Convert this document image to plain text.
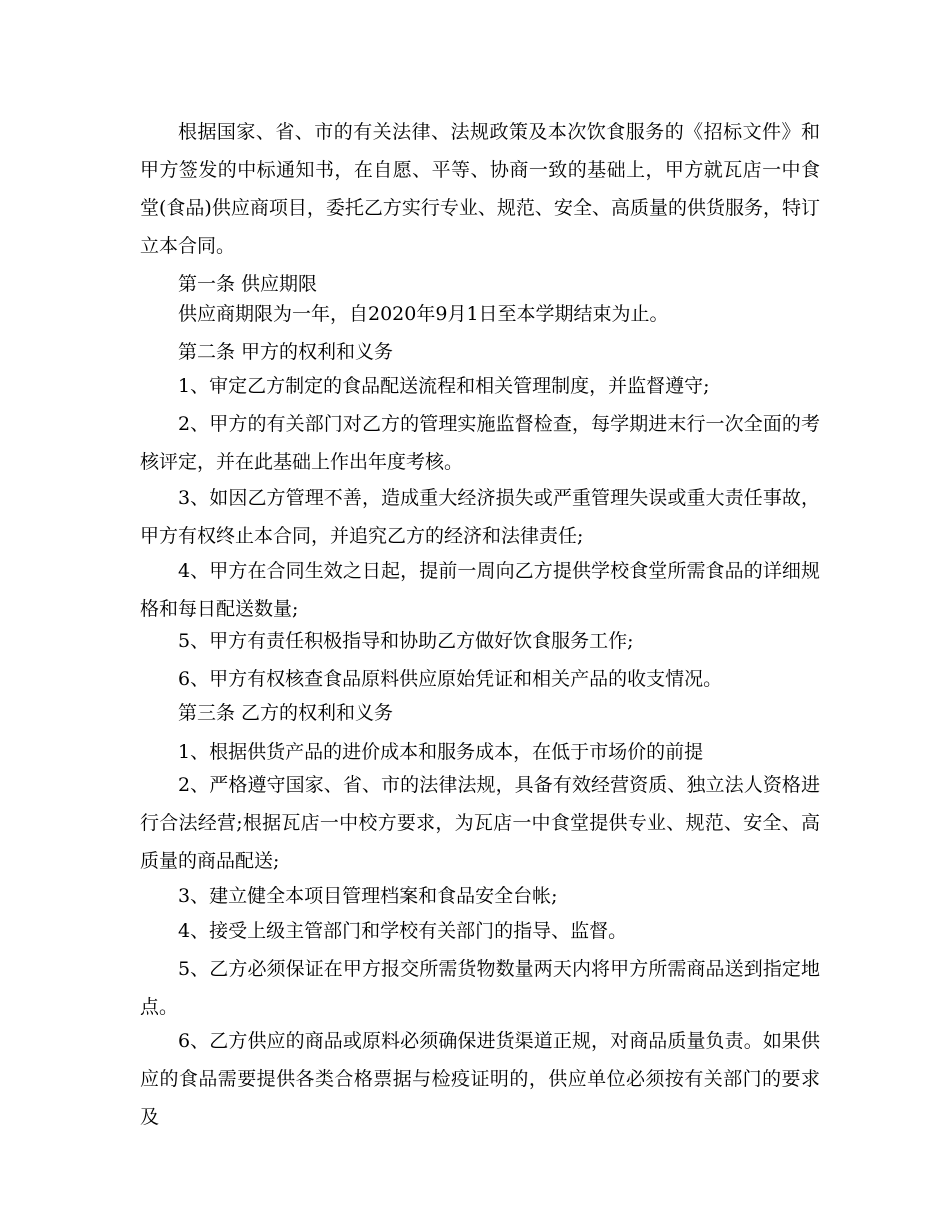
根据国家、省、市的有关法律、法规政策及本次饮食服务的《招标文件》和甲方签发的中标通知书，在自愿、平等、协商一致的基础上，甲方就瓦店一中食堂(食品)供应商项目，委托乙方实行专业、规范、安全、高质量的供货服务，特订立本合同。

第一条 供应期限

供应商期限为一年，自2020年9月1日至本学期结束为止。

第二条 甲方的权利和义务

1、审定乙方制定的食品配送流程和相关管理制度，并监督遵守;

2、甲方的有关部门对乙方的管理实施监督检查，每学期进末行一次全面的考核评定，并在此基础上作出年度考核。

3、如因乙方管理不善，造成重大经济损失或严重管理失误或重大责任事故，甲方有权终止本合同，并追究乙方的经济和法律责任;

4、甲方在合同生效之日起，提前一周向乙方提供学校食堂所需食品的详细规格和每日配送数量;

5、甲方有责任积极指导和协助乙方做好饮食服务工作;

6、甲方有权核查食品原料供应原始凭证和相关产品的收支情况。

第三条 乙方的权利和义务

1、根据供货产品的进价成本和服务成本，在低于市场价的前提

2、严格遵守国家、省、市的法律法规，具备有效经营资质、独立法人资格进行合法经营;根据瓦店一中校方要求，为瓦店一中食堂提供专业、规范、安全、高质量的商品配送;

3、建立健全本项目管理档案和食品安全台帐;

4、接受上级主管部门和学校有关部门的指导、监督。

5、乙方必须保证在甲方报交所需货物数量两天内将甲方所需商品送到指定地点。

6、乙方供应的商品或原料必须确保进货渠道正规，对商品质量负责。如果供应的食品需要提供各类合格票据与检疫证明的，供应单位必须按有关部门的要求及
